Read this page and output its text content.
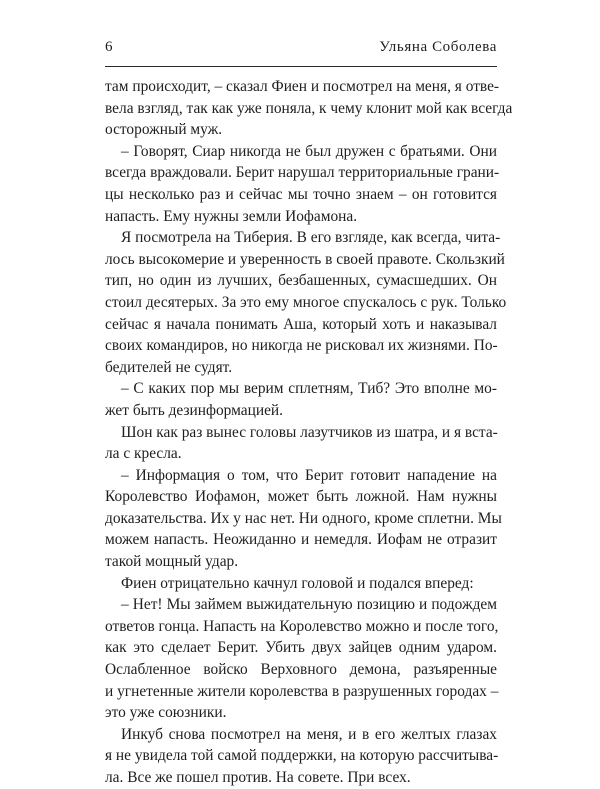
6	Ульяна Соболева
там происходит, – сказал Фиен и посмотрел на меня, я отве-
вела взгляд, так как уже поняла, к чему клонит мой как всегда
осторожный муж.
– Говорят, Сиар никогда не был дружен с братьями. Они
всегда враждовали. Берит нарушал территориальные грани-
цы несколько раз и сейчас мы точно знаем – он готовится
напасть. Ему нужны земли Иофамона.
Я посмотрела на Тиберия. В его взгляде, как всегда, чита-
лось высокомерие и уверенность в своей правоте. Скользкий
тип, но один из лучших, безбашенных, сумасшедших. Он
стоил десятерых. За это ему многое спускалось с рук. Только
сейчас я начала понимать Аша, который хоть и наказывал
своих командиров, но никогда не рисковал их жизнями. По-
бедителей не судят.
– С каких пор мы верим сплетням, Тиб? Это вполне мо-
жет быть дезинформацией.
Шон как раз вынес головы лазутчиков из шатра, и я вста-
ла с кресла.
– Информация о том, что Берит готовит нападение на
Королевство Иофамон, может быть ложной. Нам нужны
доказательства. Их у нас нет. Ни одного, кроме сплетни. Мы
можем напасть. Неожиданно и немедля. Иофам не отразит
такой мощный удар.
Фиен отрицательно качнул головой и подался вперед:
– Нет! Мы займем выжидательную позицию и подождем
ответов гонца. Напасть на Королевство можно и после того,
как это сделает Берит. Убить двух зайцев одним ударом.
Ослабленное войско Верховного демона, разъяренные
и угнетенные жители королевства в разрушенных городах –
это уже союзники.
Инкуб снова посмотрел на меня, и в его желтых глазах
я не увидела той самой поддержки, на которую рассчитыва-
ла. Все же пошел против. На совете. При всех.
